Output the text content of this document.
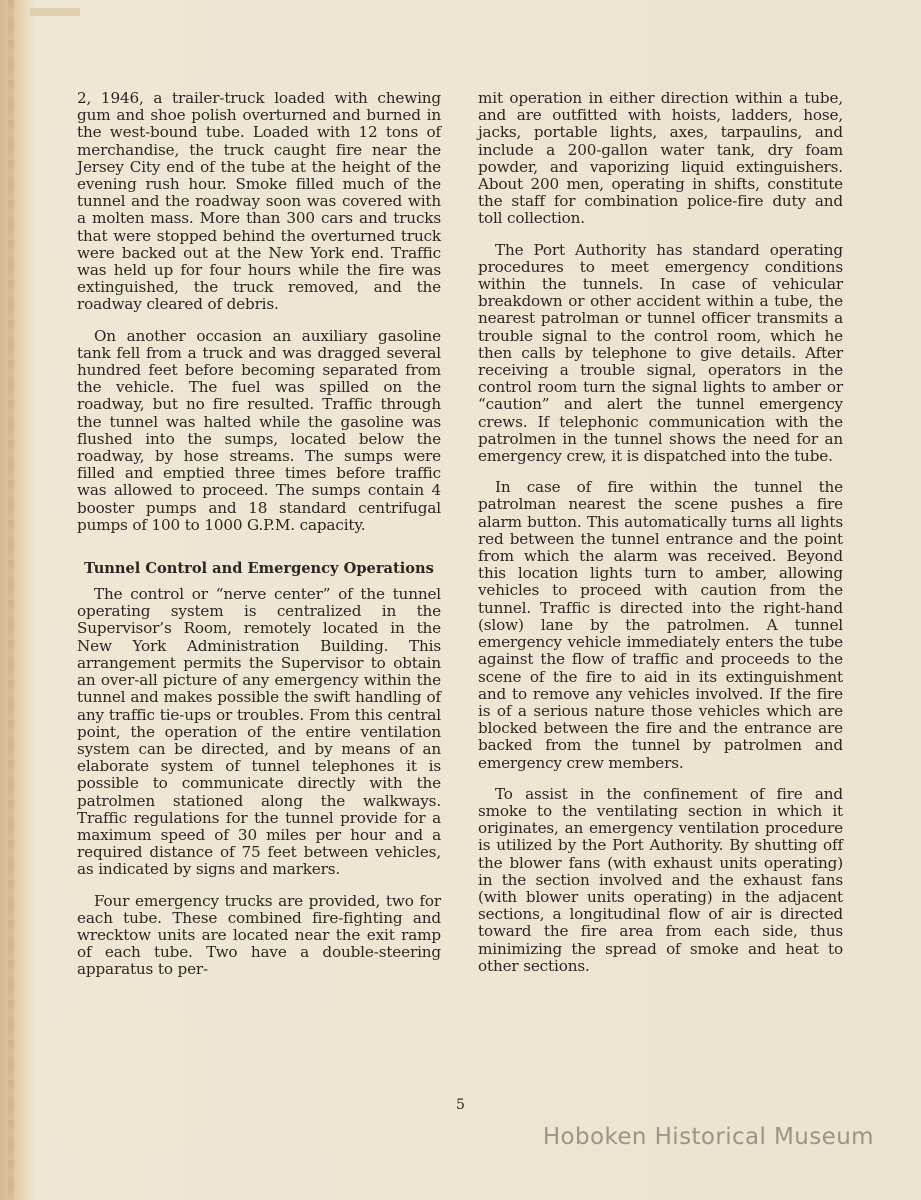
2, 1946, a trailer-truck loaded with chewing gum and shoe polish overturned and burned in the west-bound tube. Loaded with 12 tons of merchandise, the truck caught fire near the Jersey City end of the tube at the height of the evening rush hour. Smoke filled much of the tunnel and the roadway soon was covered with a molten mass. More than 300 cars and trucks that were stopped behind the overturned truck were backed out at the New York end. Traffic was held up for four hours while the fire was extinguished, the truck removed, and the roadway cleared of debris.

On another occasion an auxiliary gasoline tank fell from a truck and was dragged several hundred feet before becoming separated from the vehicle. The fuel was spilled on the roadway, but no fire resulted. Traffic through the tunnel was halted while the gasoline was flushed into the sumps, located below the roadway, by hose streams. The sumps were filled and emptied three times before traffic was allowed to proceed. The sumps contain 4 booster pumps and 18 standard centrifugal pumps of 100 to 1000 G.P.M. capacity.

Tunnel Control and Emergency Operations

The control or “nerve center” of the tunnel operating system is centralized in the Supervisor’s Room, remotely located in the New York Administration Building. This arrangement permits the Supervisor to obtain an over-all picture of any emergency within the tunnel and makes possible the swift handling of any traffic tie-ups or troubles. From this central point, the operation of the entire ventilation system can be directed, and by means of an elaborate system of tunnel telephones it is possible to communicate directly with the patrolmen stationed along the walkways. Traffic regulations for the tunnel provide for a maximum speed of 30 miles per hour and a required distance of 75 feet between vehicles, as indicated by signs and markers.

Four emergency trucks are provided, two for each tube. These combined fire-fighting and wrecktow units are located near the exit ramp of each tube. Two have a double-steering apparatus to per-

mit operation in either direction within a tube, and are outfitted with hoists, ladders, hose, jacks, portable lights, axes, tarpaulins, and include a 200-gallon water tank, dry foam powder, and vaporizing liquid extinguishers. About 200 men, operating in shifts, constitute the staff for combination police-fire duty and toll collection.

The Port Authority has standard operating procedures to meet emergency conditions within the tunnels. In case of vehicular breakdown or other accident within a tube, the nearest patrolman or tunnel officer transmits a trouble signal to the control room, which he then calls by telephone to give details. After receiving a trouble signal, operators in the control room turn the signal lights to amber or “caution” and alert the tunnel emergency crews. If telephonic communication with the patrolmen in the tunnel shows the need for an emergency crew, it is dispatched into the tube.

In case of fire within the tunnel the patrolman nearest the scene pushes a fire alarm button. This automatically turns all lights red between the tunnel entrance and the point from which the alarm was received. Beyond this location lights turn to amber, allowing vehicles to proceed with caution from the tunnel. Traffic is directed into the right-hand (slow) lane by the patrolmen. A tunnel emergency vehicle immediately enters the tube against the flow of traffic and proceeds to the scene of the fire to aid in its extinguishment and to remove any vehicles involved. If the fire is of a serious nature those vehicles which are blocked between the fire and the entrance are backed from the tunnel by patrolmen and emergency crew members.

To assist in the confinement of fire and smoke to the ventilating section in which it originates, an emergency ventilation procedure is utilized by the Port Authority. By shutting off the blower fans (with exhaust units operating) in the section involved and the exhaust fans (with blower units operating) in the adjacent sections, a longitudinal flow of air is directed toward the fire area from each side, thus minimizing the spread of smoke and heat to other sections.

5
Hoboken Historical Museum
